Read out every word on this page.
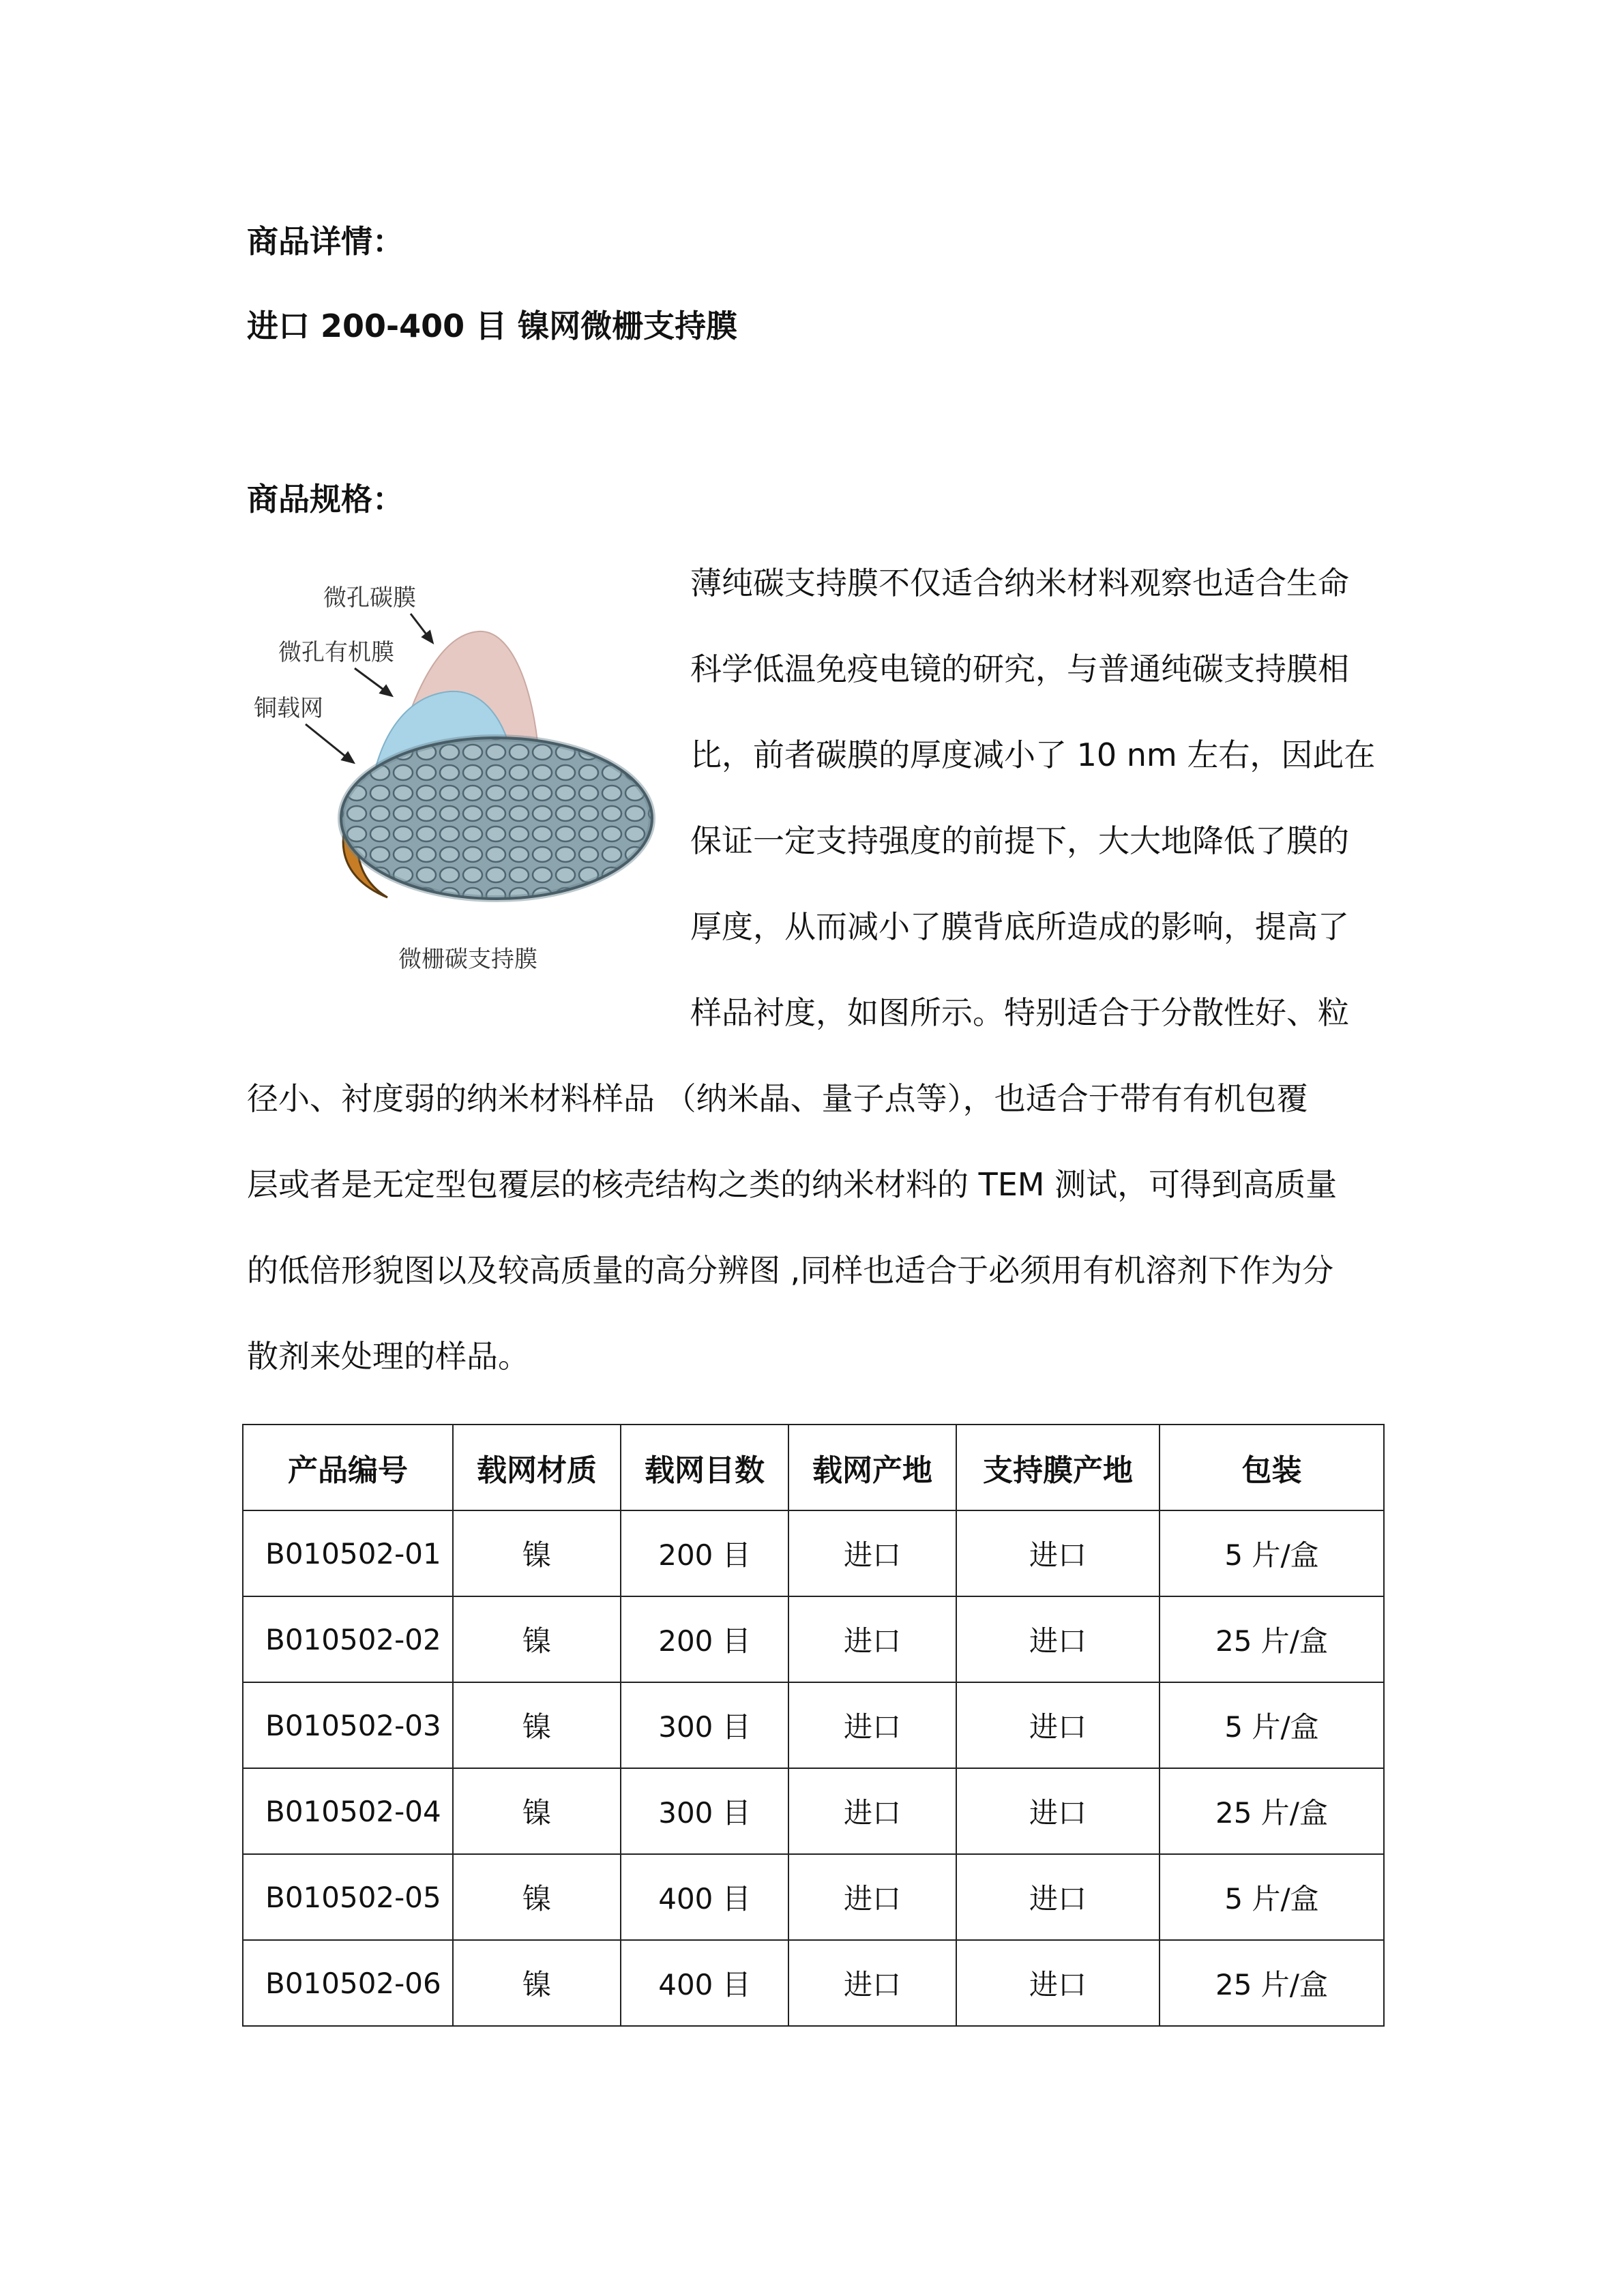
商品详情：
进口 200-400 目 镍网微栅支持膜
商品规格：
微孔碳膜
微孔有机膜
铜载网
微栅碳支持膜
薄纯碳支持膜不仅适合纳米材料观察也适合生命
科学低温免疫电镜的研究，与普通纯碳支持膜相
比，前者碳膜的厚度减小了 10 nm 左右，因此在
保证一定支持强度的前提下，大大地降低了膜的
厚度，从而减小了膜背底所造成的影响，提高了
样品衬度，如图所示。特别适合于分散性好、粒
径小、衬度弱的纳米材料样品 （纳米晶、量子点等），也适合于带有有机包覆
层或者是无定型包覆层的核壳结构之类的纳米材料的 TEM 测试，可得到高质量
的低倍形貌图以及较高质量的高分辨图 ,同样也适合于必须用有机溶剂下作为分
散剂来处理的样品。
产品编号	载网材质	载网目数	载网产地	支持膜产地	包装
B010502-01	镍	200 目	进口	进口	5 片/盒
B010502-02	镍	200 目	进口	进口	25 片/盒
B010502-03	镍	300 目	进口	进口	5 片/盒
B010502-04	镍	300 目	进口	进口	25 片/盒
B010502-05	镍	400 目	进口	进口	5 片/盒
B010502-06	镍	400 目	进口	进口	25 片/盒
